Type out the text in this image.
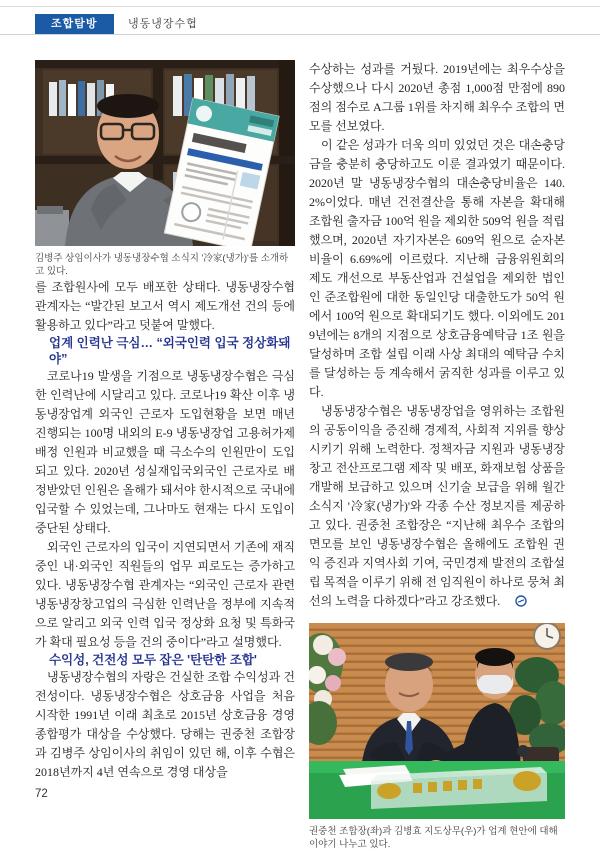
조합탐방	냉동냉장수협
김병주 상임이사가 냉동냉장수협 소식지 '冷家(냉가)'를 소개하고 있다.

를 조합원사에 모두 배포한 상태다. 냉동냉장수협 관계자는 “발간된 보고서 역시 제도개선 건의 등에 활용하고 있다”라고 덧붙여 말했다.

업계 인력난 극심… “외국인력 입국 정상화돼야”

코로나19 발생을 기점으로 냉동냉장수협은 극심한 인력난에 시달리고 있다. 코로나19 확산 이후 냉동냉장업계 외국인 근로자 도입현황을 보면 매년 진행되는 100명 내외의 E-9 냉동냉장업 고용허가제 배정 인원과 비교했을 때 극소수의 인원만이 도입되고 있다. 2020년 성실재입국외국인 근로자로 배정받았던 인원은 올해가 돼서야 한시적으로 국내에 입국할 수 있었는데, 그나마도 현재는 다시 도입이 중단된 상태다.

외국인 근로자의 입국이 지연되면서 기존에 재직중인 내·외국인 직원들의 업무 피로도는 증가하고 있다. 냉동냉장수협 관계자는 “외국인 근로자 관련 냉동냉장창고업의 극심한 인력난을 정부에 지속적으로 알리고 외국 인력 입국 정상화 요청 및 특화국가 확대 필요성 등을 건의 중이다”라고 설명했다.

수익성, 건전성 모두 잡은 '탄탄한 조합'

냉동냉장수협의 자랑은 건실한 조합 수익성과 건전성이다. 냉동냉장수협은 상호금융 사업을 처음 시작한 1991년 이래 최초로 2015년 상호금융 경영종합평가 대상을 수상했다. 당해는 권중천 조합장과 김병주 상임이사의 취임이 있던 해, 이후 수협은 2018년까지 4년 연속으로 경영 대상을

수상하는 성과를 거뒀다. 2019년에는 최우수상을 수상했으나 다시 2020년 총점 1,000점 만점에 890점의 점수로 A그룹 1위를 차지해 최우수 조합의 면모를 선보였다.

이 같은 성과가 더욱 의미 있었던 것은 대손충당금을 충분히 충당하고도 이룬 결과였기 때문이다. 2020년 말 냉동냉장수협의 대손충당비율은 140.2%이었다. 매년 건전결산을 통해 자본을 확대해 조합원 출자금 100억 원을 제외한 509억 원을 적립했으며, 2020년 자기자본은 609억 원으로 순자본 비율이 6.69%에 이르렀다. 지난해 금융위원회의 제도 개선으로 부동산업과 건설업을 제외한 법인인 준조합원에 대한 동일인당 대출한도가 50억 원에서 100억 원으로 확대되기도 했다. 이외에도 2019년에는 8개의 지점으로 상호금융예탁금 1조 원을 달성하며 조합 설립 이래 사상 최대의 예탁금 수치를 달성하는 등 계속해서 굵직한 성과를 이루고 있다.

냉동냉장수협은 냉동냉장업을 영위하는 조합원의 공동이익을 증진해 경제적, 사회적 지위를 향상시키기 위해 노력한다. 정책자금 지원과 냉동냉장창고 전산프로그램 제작 및 배포, 화재보험 상품을 개발해 보급하고 있으며 신기술 보급을 위해 월간 소식지 '冷家(냉가)'와 각종 수산 정보지를 제공하고 있다. 권중천 조합장은 “지난해 최우수 조합의 면모를 보인 냉동냉장수협은 올해에도 조합원 권익 증진과 지역사회 기여, 국민경제 발전의 조합설립 목적을 이루기 위해 전 임직원이 하나로 뭉쳐 최선의 노력을 다하겠다”라고 강조했다.

권중천 조합장(좌)과 김병효 지도상무(우)가 업계 현안에 대해 이야기 나누고 있다.
72
